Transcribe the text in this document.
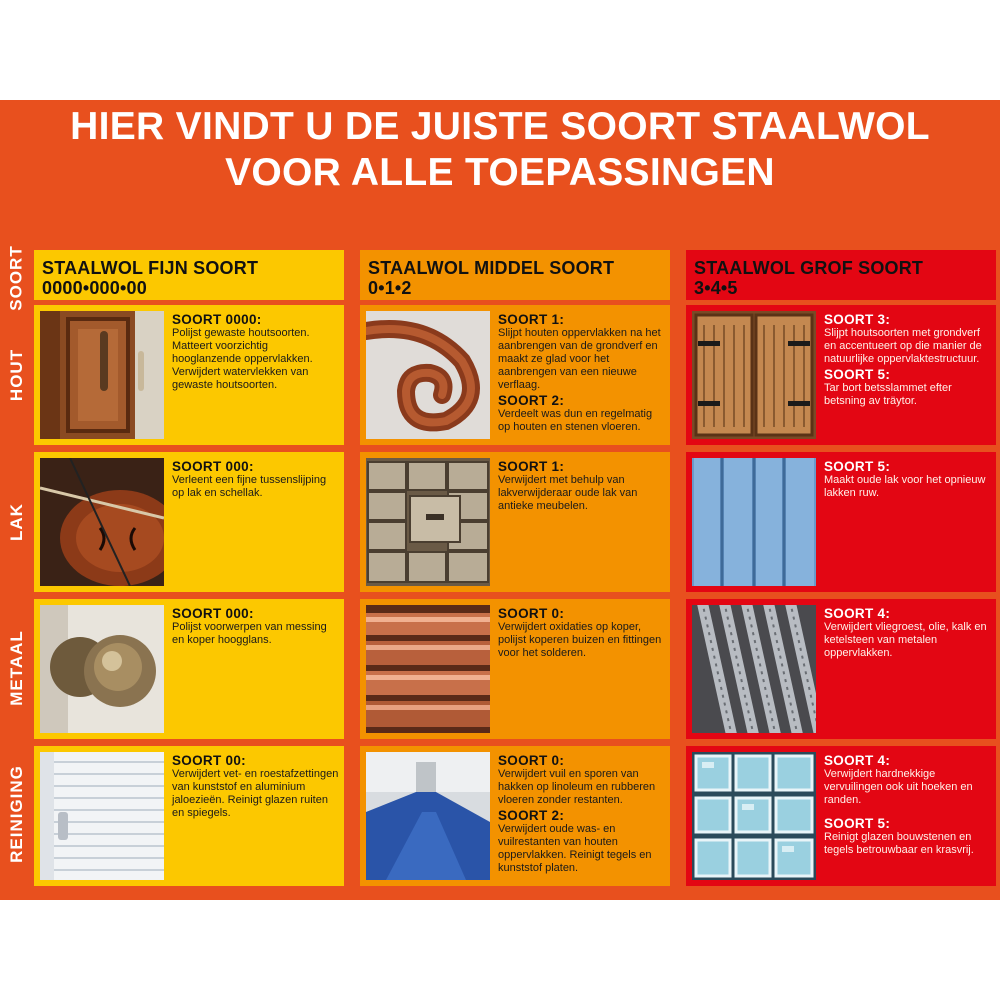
HIER VINDT U DE JUISTE SOORT STAALWOL
VOOR ALLE TOEPASSINGEN
SOORT
HOUT
LAK
METAAL
REINIGING
STAALWOL FIJN SOORT
0000•000•00
SOORT 0000:
Polijst gewaste houtsoorten. Matteert voorzichtig hooglanzende oppervlakken. Verwijdert watervlekken van gewaste houtsoorten.
SOORT 000:
Verleent een fijne tussenslijping op lak en schellak.
SOORT 000:
Polijst voorwerpen van messing en koper hoogglans.
SOORT 00:
Verwijdert vet- en roestafzettingen van kunststof en aluminium jaloezieën. Reinigt glazen ruiten en spiegels.
STAALWOL MIDDEL SOORT
0•1•2
SOORT 1:
Slijpt houten oppervlakken na het aanbrengen van de grondverf en maakt ze glad voor het aanbrengen van een nieuwe verflaag.
SOORT 2:
Verdeelt was dun en regelmatig op houten en stenen vloeren.
SOORT 1:
Verwijdert met behulp van lakverwijderaar oude lak van antieke meubelen.
SOORT 0:
Verwijdert oxidaties op koper, polijst koperen buizen en fittingen voor het solderen.
SOORT 0:
Verwijdert vuil en sporen van hakken op linoleum en rubberen vloeren zonder restanten.
SOORT 2:
Verwijdert oude was- en vuilrestanten van houten oppervlakken. Reinigt tegels en kunststof platen.
STAALWOL GROF SOORT
3•4•5
SOORT 3:
Slijpt houtsoorten met grondverf en accentueert op die manier de natuurlijke oppervlaktestructuur.
SOORT 5:
Tar bort betsslammet efter betsning av träytor.
SOORT 5:
Maakt oude lak voor het opnieuw lakken ruw.
SOORT 4:
Verwijdert vliegroest, olie, kalk en ketelsteen van metalen oppervlakken.
SOORT 4:
Verwijdert hardnekkige vervuilingen ook uit hoeken en randen.
SOORT 5:
Reinigt glazen bouwstenen en tegels betrouwbaar en krasvrij.
